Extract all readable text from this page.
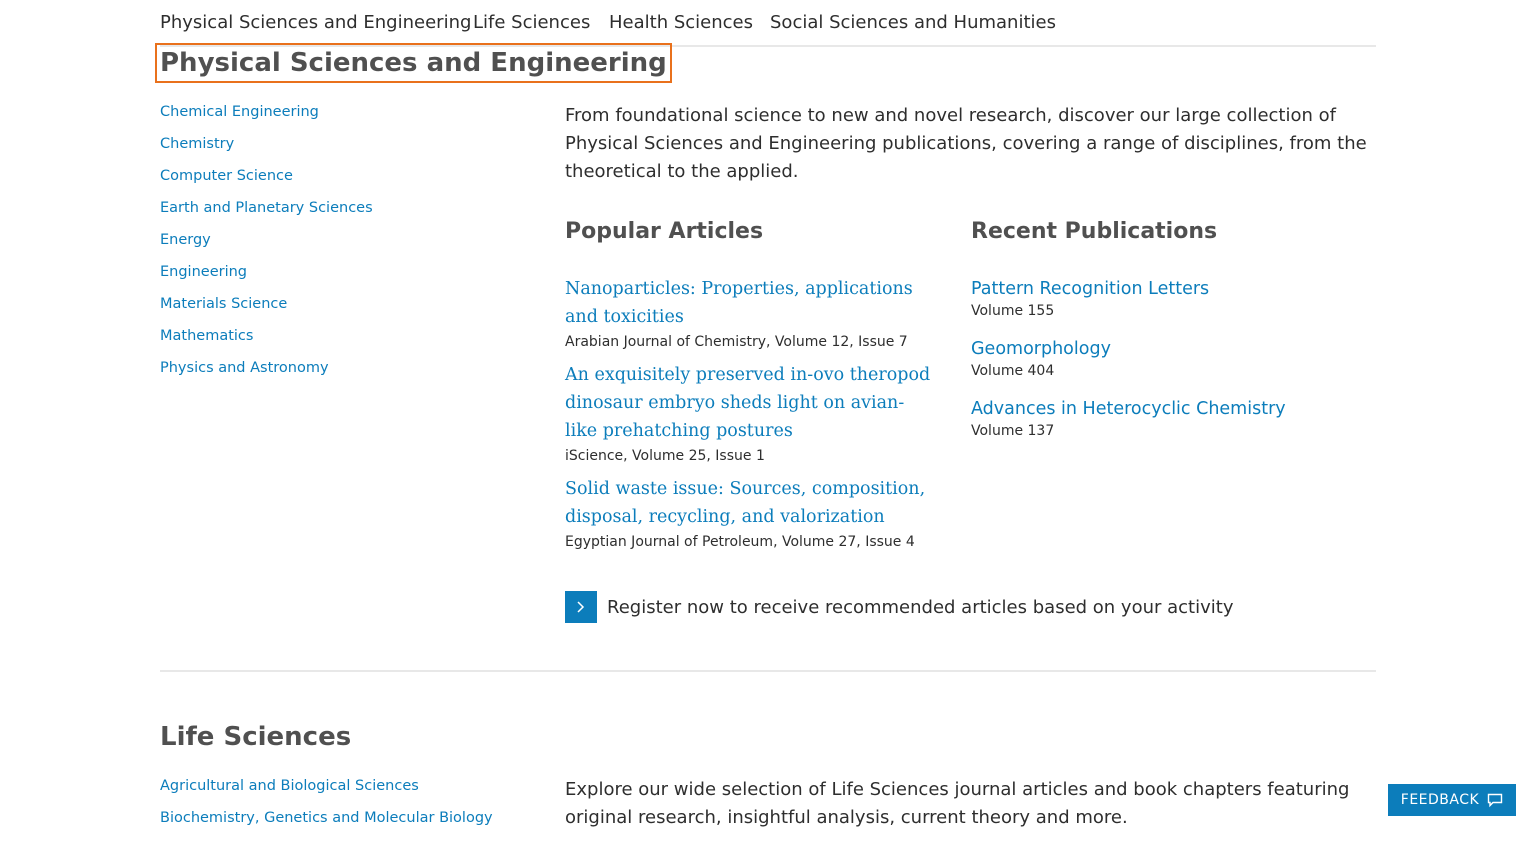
Physical Sciences and Engineering Life Sciences Health Sciences Social Sciences and Humanities
Physical Sciences and Engineering
Chemical Engineering
Chemistry
Computer Science
Earth and Planetary Sciences
Energy
Engineering
Materials Science
Mathematics
Physics and Astronomy

From foundational science to new and novel research, discover our large collection of Physical Sciences and Engineering publications, covering a range of disciplines, from the theoretical to the applied.

Popular Articles	Recent Publications
Nanoparticles: Properties, applications and toxicities
Arabian Journal of Chemistry, Volume 12, Issue 7
An exquisitely preserved in-ovo theropod dinosaur embryo sheds light on avian-like prehatching postures
iScience, Volume 25, Issue 1
Solid waste issue: Sources, composition, disposal, recycling, and valorization
Egyptian Journal of Petroleum, Volume 27, Issue 4
Pattern Recognition Letters
Volume 155
Geomorphology
Volume 404
Advances in Heterocyclic Chemistry
Volume 137
Register now to receive recommended articles based on your activity
Life Sciences
Agricultural and Biological Sciences
Biochemistry, Genetics and Molecular Biology

Explore our wide selection of Life Sciences journal articles and book chapters featuring original research, insightful analysis, current theory and more.

FEEDBACK
